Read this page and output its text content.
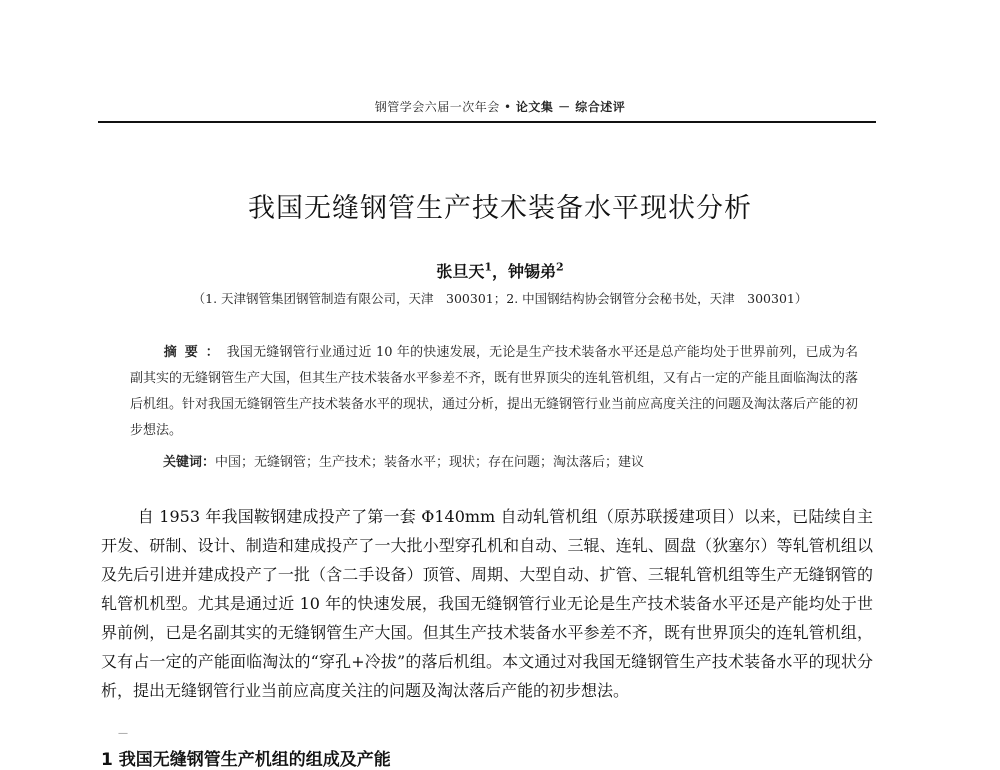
钢管学会六届一次年会 • 论文集 － 综合述评
我国无缝钢管生产技术装备水平现状分析
张旦天$^1$，钟锡弟$^2$
（1. 天津钢管集团钢管制造有限公司，天津　300301；2. 中国钢结构协会钢管分会秘书处，天津　300301）
摘要：我国无缝钢管行业通过近 10 年的快速发展，无论是生产技术装备水平还是总产能均处于世界前列，已成为名副其实的无缝钢管生产大国，但其生产技术装备水平参差不齐，既有世界顶尖的连轧管机组，又有占一定的产能且面临淘汰的落后机组。针对我国无缝钢管生产技术装备水平的现状，通过分析，提出无缝钢管行业当前应高度关注的问题及淘汰落后产能的初步想法。
关键词：中国；无缝钢管；生产技术；装备水平；现状；存在问题；淘汰落后；建议
自 1953 年我国鞍钢建成投产了第一套 Φ140mm 自动轧管机组（原苏联援建项目）以来，已陆续自主开发、研制、设计、制造和建成投产了一大批小型穿孔机和自动、三辊、连轧、圆盘（狄塞尔）等轧管机组以及先后引进并建成投产了一批（含二手设备）顶管、周期、大型自动、扩管、三辊轧管机组等生产无缝钢管的轧管机机型。尤其是通过近 10 年的快速发展，我国无缝钢管行业无论是生产技术装备水平还是产能均处于世界前例，已是名副其实的无缝钢管生产大国。但其生产技术装备水平参差不齐，既有世界顶尖的连轧管机组，又有占一定的产能面临淘汰的“穿孔+冷拔”的落后机组。本文通过对我国无缝钢管生产技术装备水平的现状分析，提出无缝钢管行业当前应高度关注的问题及淘汰落后产能的初步想法。
—
1 我国无缝钢管生产机组的组成及产能
